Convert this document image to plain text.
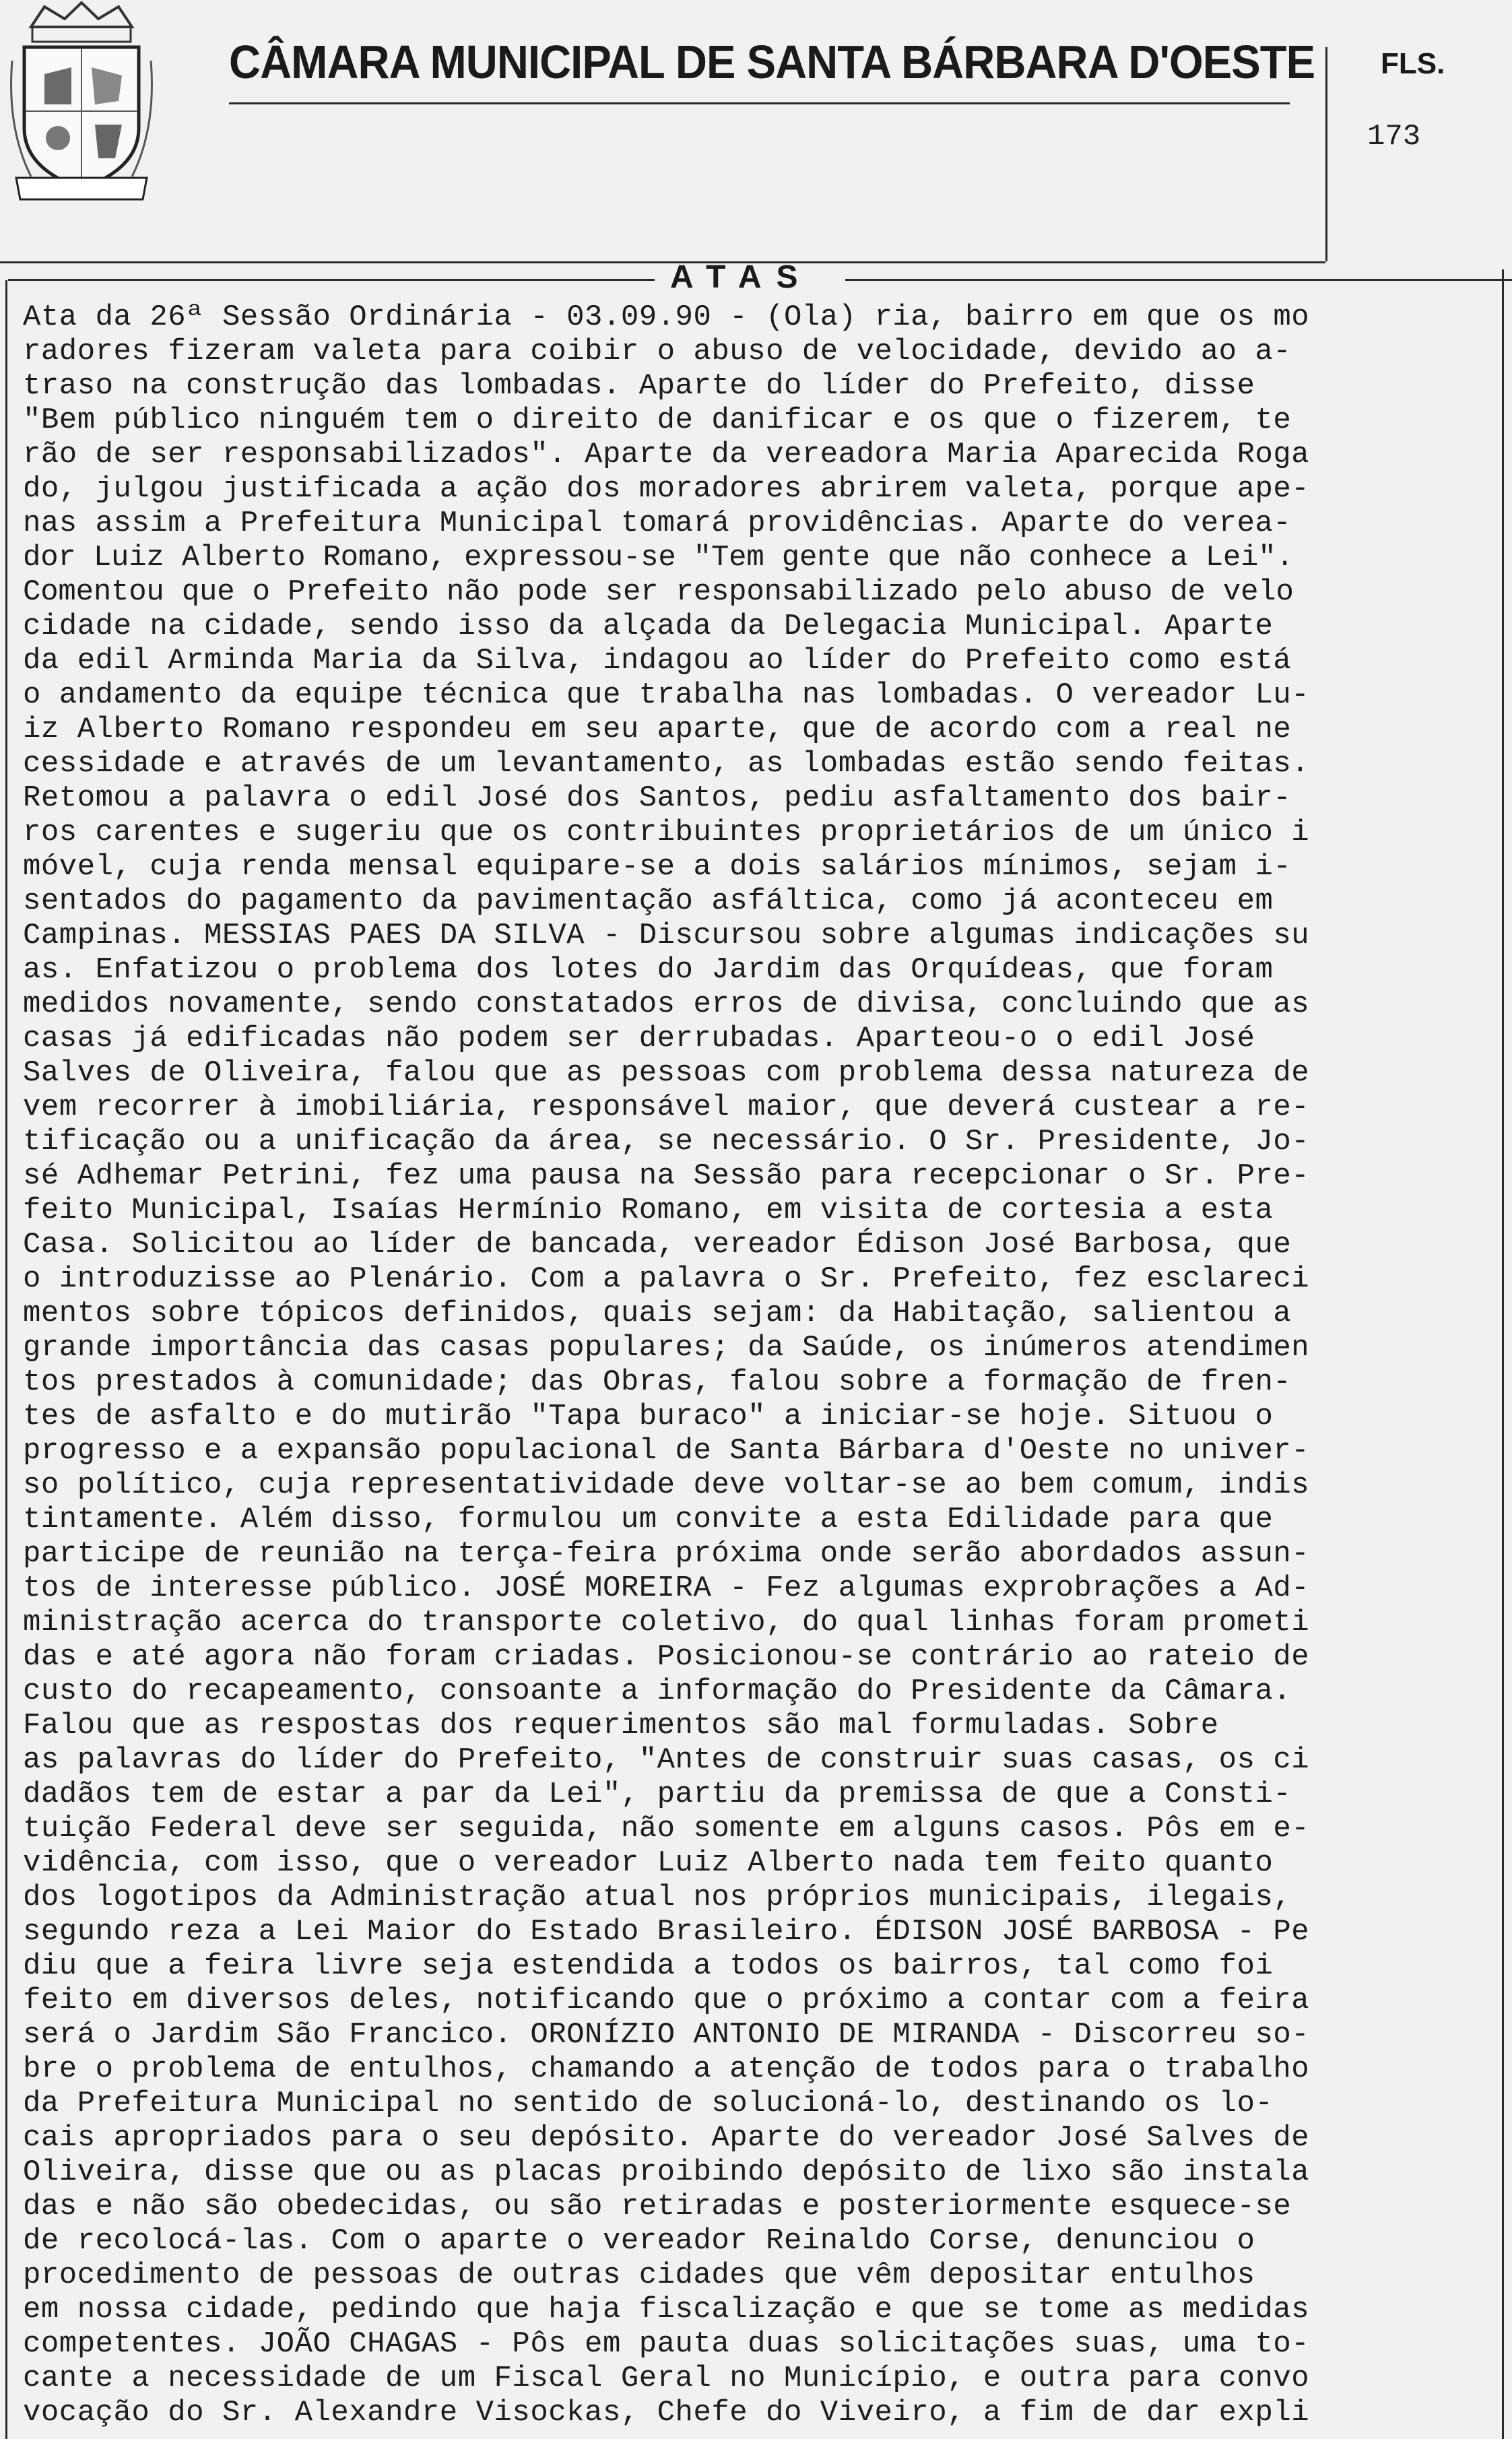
CÂMARA MUNICIPAL DE SANTA BÁRBARA D'OESTE FLS.
173
ATAS
Ata da 26ª Sessão Ordinária - 03.09.90 - (Ola) ria, bairro em que os mo
radores fizeram valeta para coibir o abuso de velocidade, devido ao a-
traso na construção das lombadas. Aparte do líder do Prefeito, disse
"Bem público ninguém tem o direito de danificar e os que o fizerem, te
rão de ser responsabilizados". Aparte da vereadora Maria Aparecida Roga
do, julgou justificada a ação dos moradores abrirem valeta, porque ape-
nas assim a Prefeitura Municipal tomará providências. Aparte do verea-
dor Luiz Alberto Romano, expressou-se "Tem gente que não conhece a Lei".
Comentou que o Prefeito não pode ser responsabilizado pelo abuso de velo
cidade na cidade, sendo isso da alçada da Delegacia Municipal. Aparte
da edil Arminda Maria da Silva, indagou ao líder do Prefeito como está
o andamento da equipe técnica que trabalha nas lombadas. O vereador Lu-
iz Alberto Romano respondeu em seu aparte, que de acordo com a real ne
cessidade e através de um levantamento, as lombadas estão sendo feitas.
Retomou a palavra o edil José dos Santos, pediu asfaltamento dos bair-
ros carentes e sugeriu que os contribuintes proprietários de um único i
móvel, cuja renda mensal equipare-se a dois salários mínimos, sejam i-
sentados do pagamento da pavimentação asfáltica, como já aconteceu em
Campinas. MESSIAS PAES DA SILVA - Discursou sobre algumas indicações su
as. Enfatizou o problema dos lotes do Jardim das Orquídeas, que foram
medidos novamente, sendo constatados erros de divisa, concluindo que as
casas já edificadas não podem ser derrubadas. Aparteou-o o edil José
Salves de Oliveira, falou que as pessoas com problema dessa natureza de
vem recorrer à imobiliária, responsável maior, que deverá custear a re-
tificação ou a unificação da área, se necessário. O Sr. Presidente, Jo-
sé Adhemar Petrini, fez uma pausa na Sessão para recepcionar o Sr. Pre-
feito Municipal, Isaías Hermínio Romano, em visita de cortesia a esta
Casa. Solicitou ao líder de bancada, vereador Édison José Barbosa, que
o introduzisse ao Plenário. Com a palavra o Sr. Prefeito, fez esclareci
mentos sobre tópicos definidos, quais sejam: da Habitação, salientou a
grande importância das casas populares; da Saúde, os inúmeros atendimen
tos prestados à comunidade; das Obras, falou sobre a formação de fren-
tes de asfalto e do mutirão "Tapa buraco" a iniciar-se hoje. Situou o
progresso e a expansão populacional de Santa Bárbara d'Oeste no univer-
so político, cuja representatividade deve voltar-se ao bem comum, indis
tintamente. Além disso, formulou um convite a esta Edilidade para que
participe de reunião na terça-feira próxima onde serão abordados assun-
tos de interesse público. JOSÉ MOREIRA - Fez algumas exprobrações a Ad-
ministração acerca do transporte coletivo, do qual linhas foram prometi
das e até agora não foram criadas. Posicionou-se contrário ao rateio de
custo do recapeamento, consoante a informação do Presidente da Câmara.
Falou que as respostas dos requerimentos são mal formuladas. Sobre
as palavras do líder do Prefeito, "Antes de construir suas casas, os ci
dadãos tem de estar a par da Lei", partiu da premissa de que a Consti-
tuição Federal deve ser seguida, não somente em alguns casos. Pôs em e-
vidência, com isso, que o vereador Luiz Alberto nada tem feito quanto
dos logotipos da Administração atual nos próprios municipais, ilegais,
segundo reza a Lei Maior do Estado Brasileiro. ÉDISON JOSÉ BARBOSA - Pe
diu que a feira livre seja estendida a todos os bairros, tal como foi
feito em diversos deles, notificando que o próximo a contar com a feira
será o Jardim São Francico. ORONÍZIO ANTONIO DE MIRANDA - Discorreu so-
bre o problema de entulhos, chamando a atenção de todos para o trabalho
da Prefeitura Municipal no sentido de solucioná-lo, destinando os lo-
cais apropriados para o seu depósito. Aparte do vereador José Salves de
Oliveira, disse que ou as placas proibindo depósito de lixo são instala
das e não são obedecidas, ou são retiradas e posteriormente esquece-se
de recolocá-las. Com o aparte o vereador Reinaldo Corse, denunciou o
procedimento de pessoas de outras cidades que vêm depositar entulhos
em nossa cidade, pedindo que haja fiscalização e que se tome as medidas
competentes. JOÃO CHAGAS - Pôs em pauta duas solicitações suas, uma to-
cante a necessidade de um Fiscal Geral no Município, e outra para convo
vocação do Sr. Alexandre Visockas, Chefe do Viveiro, a fim de dar expli
